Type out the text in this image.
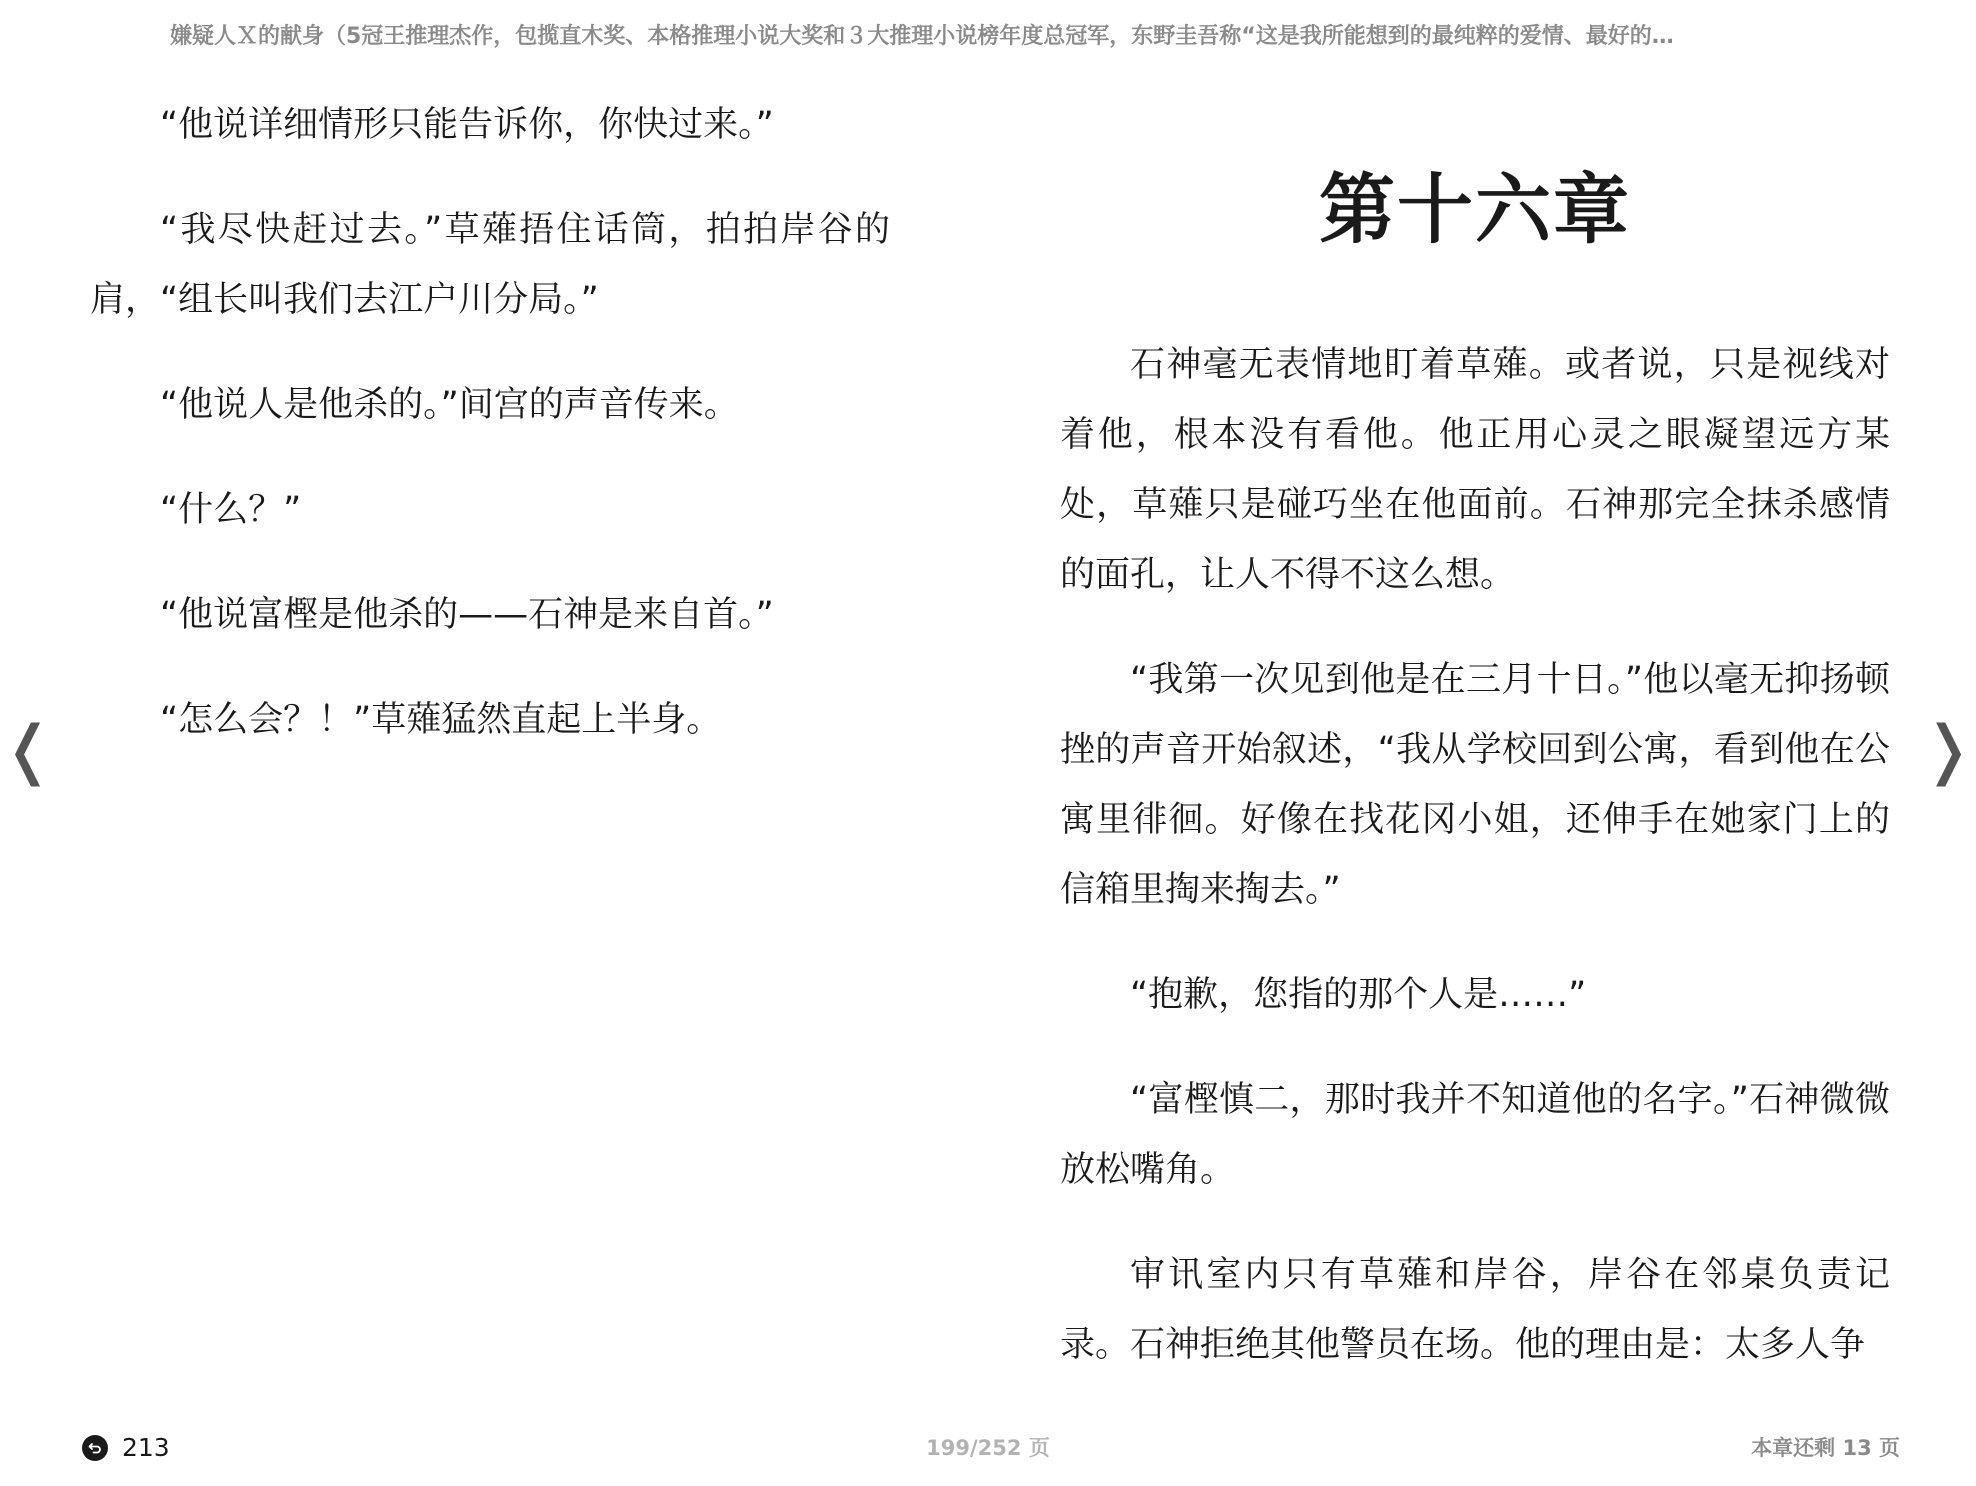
嫌疑人Ｘ的献身（5冠王推理杰作，包揽直木奖、本格推理小说大奖和３大推理小说榜年度总冠军，东野圭吾称“这是我所能想到的最纯粹的爱情、最好的…

“他说详细情形只能告诉你，你快过来。”

“我尽快赶过去。”草薙捂住话筒，拍拍岸谷的肩，“组长叫我们去江户川分局。”

“他说人是他杀的。”间宫的声音传来。

“什么？”

“他说富樫是他杀的——石神是来自首。”

“怎么会？！”草薙猛然直起上半身。

第十六章

石神毫无表情地盯着草薙。或者说，只是视线对着他，根本没有看他。他正用心灵之眼凝望远方某处，草薙只是碰巧坐在他面前。石神那完全抹杀感情的面孔，让人不得不这么想。

“我第一次见到他是在三月十日。”他以毫无抑扬顿挫的声音开始叙述，“我从学校回到公寓，看到他在公寓里徘徊。好像在找花冈小姐，还伸手在她家门上的信箱里掏来掏去。”

“抱歉，您指的那个人是……”

“富樫慎二，那时我并不知道他的名字。”石神微微放松嘴角。

审讯室内只有草薙和岸谷，岸谷在邻桌负责记录。石神拒绝其他警员在场。他的理由是：太多人争

❬	❭
213	199/252 页	本章还剩 13 页
